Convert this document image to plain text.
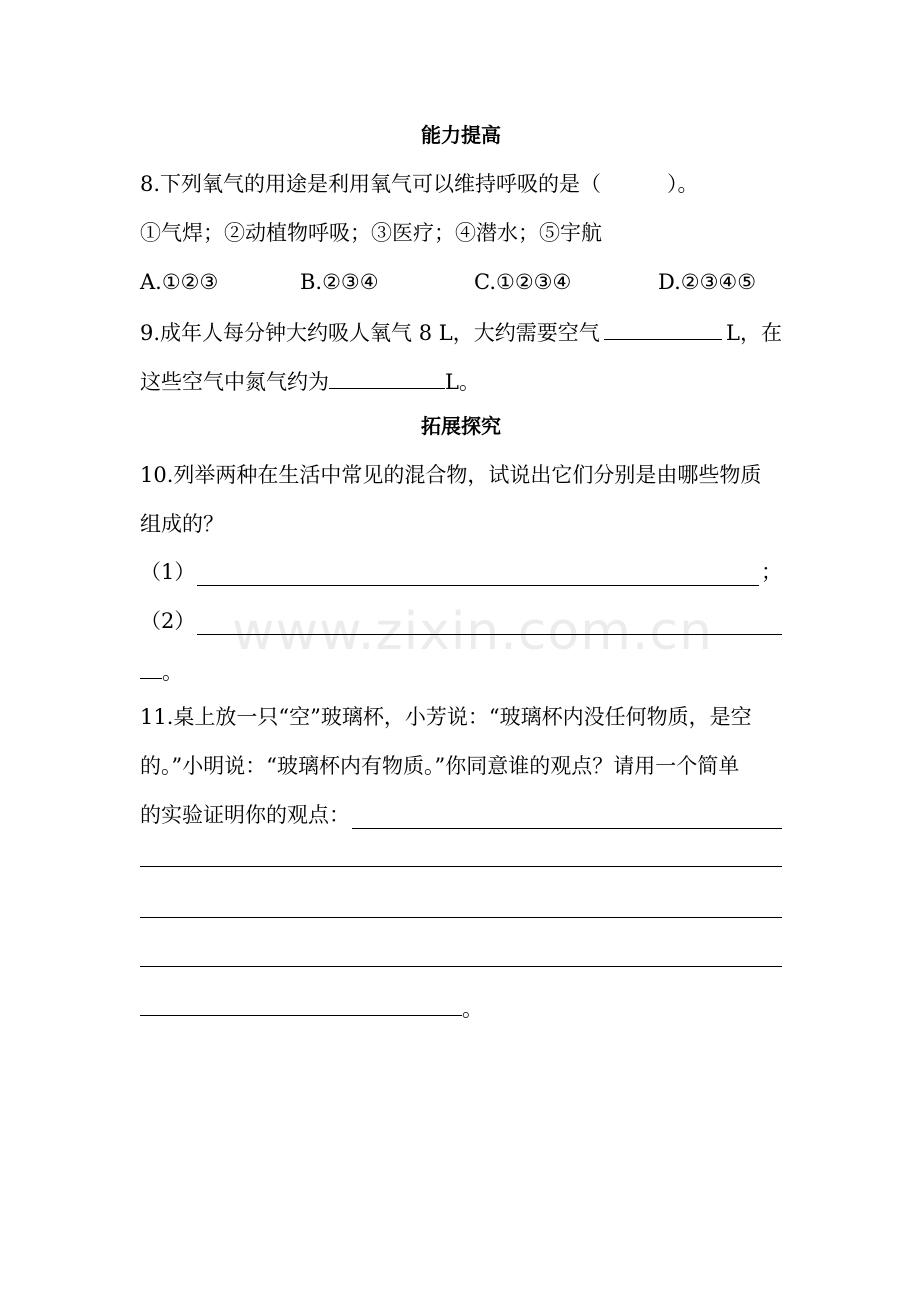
www.zixin.com.cn
能力提高
8.下列氧气的用途是利用氧气可以维持呼吸的是（	）。
①气焊；②动植物呼吸；③医疗；④潜水；⑤宇航
A.①②③	B.②③④	C.①②③④	D.②③④⑤
9.成年人每分钟大约吸人氧气 8 L，大约需要空气	L，在
这些空气中氮气约为	L。
拓展探究
10.列举两种在生活中常见的混合物，试说出它们分别是由哪些物质
组成的？
（1）	；
（2）
。
11.桌上放一只“空”玻璃杯，小芳说：“玻璃杯内没任何物质，是空
的。”小明说：“玻璃杯内有物质。”你同意谁的观点？请用一个简单
的实验证明你的观点：
。
